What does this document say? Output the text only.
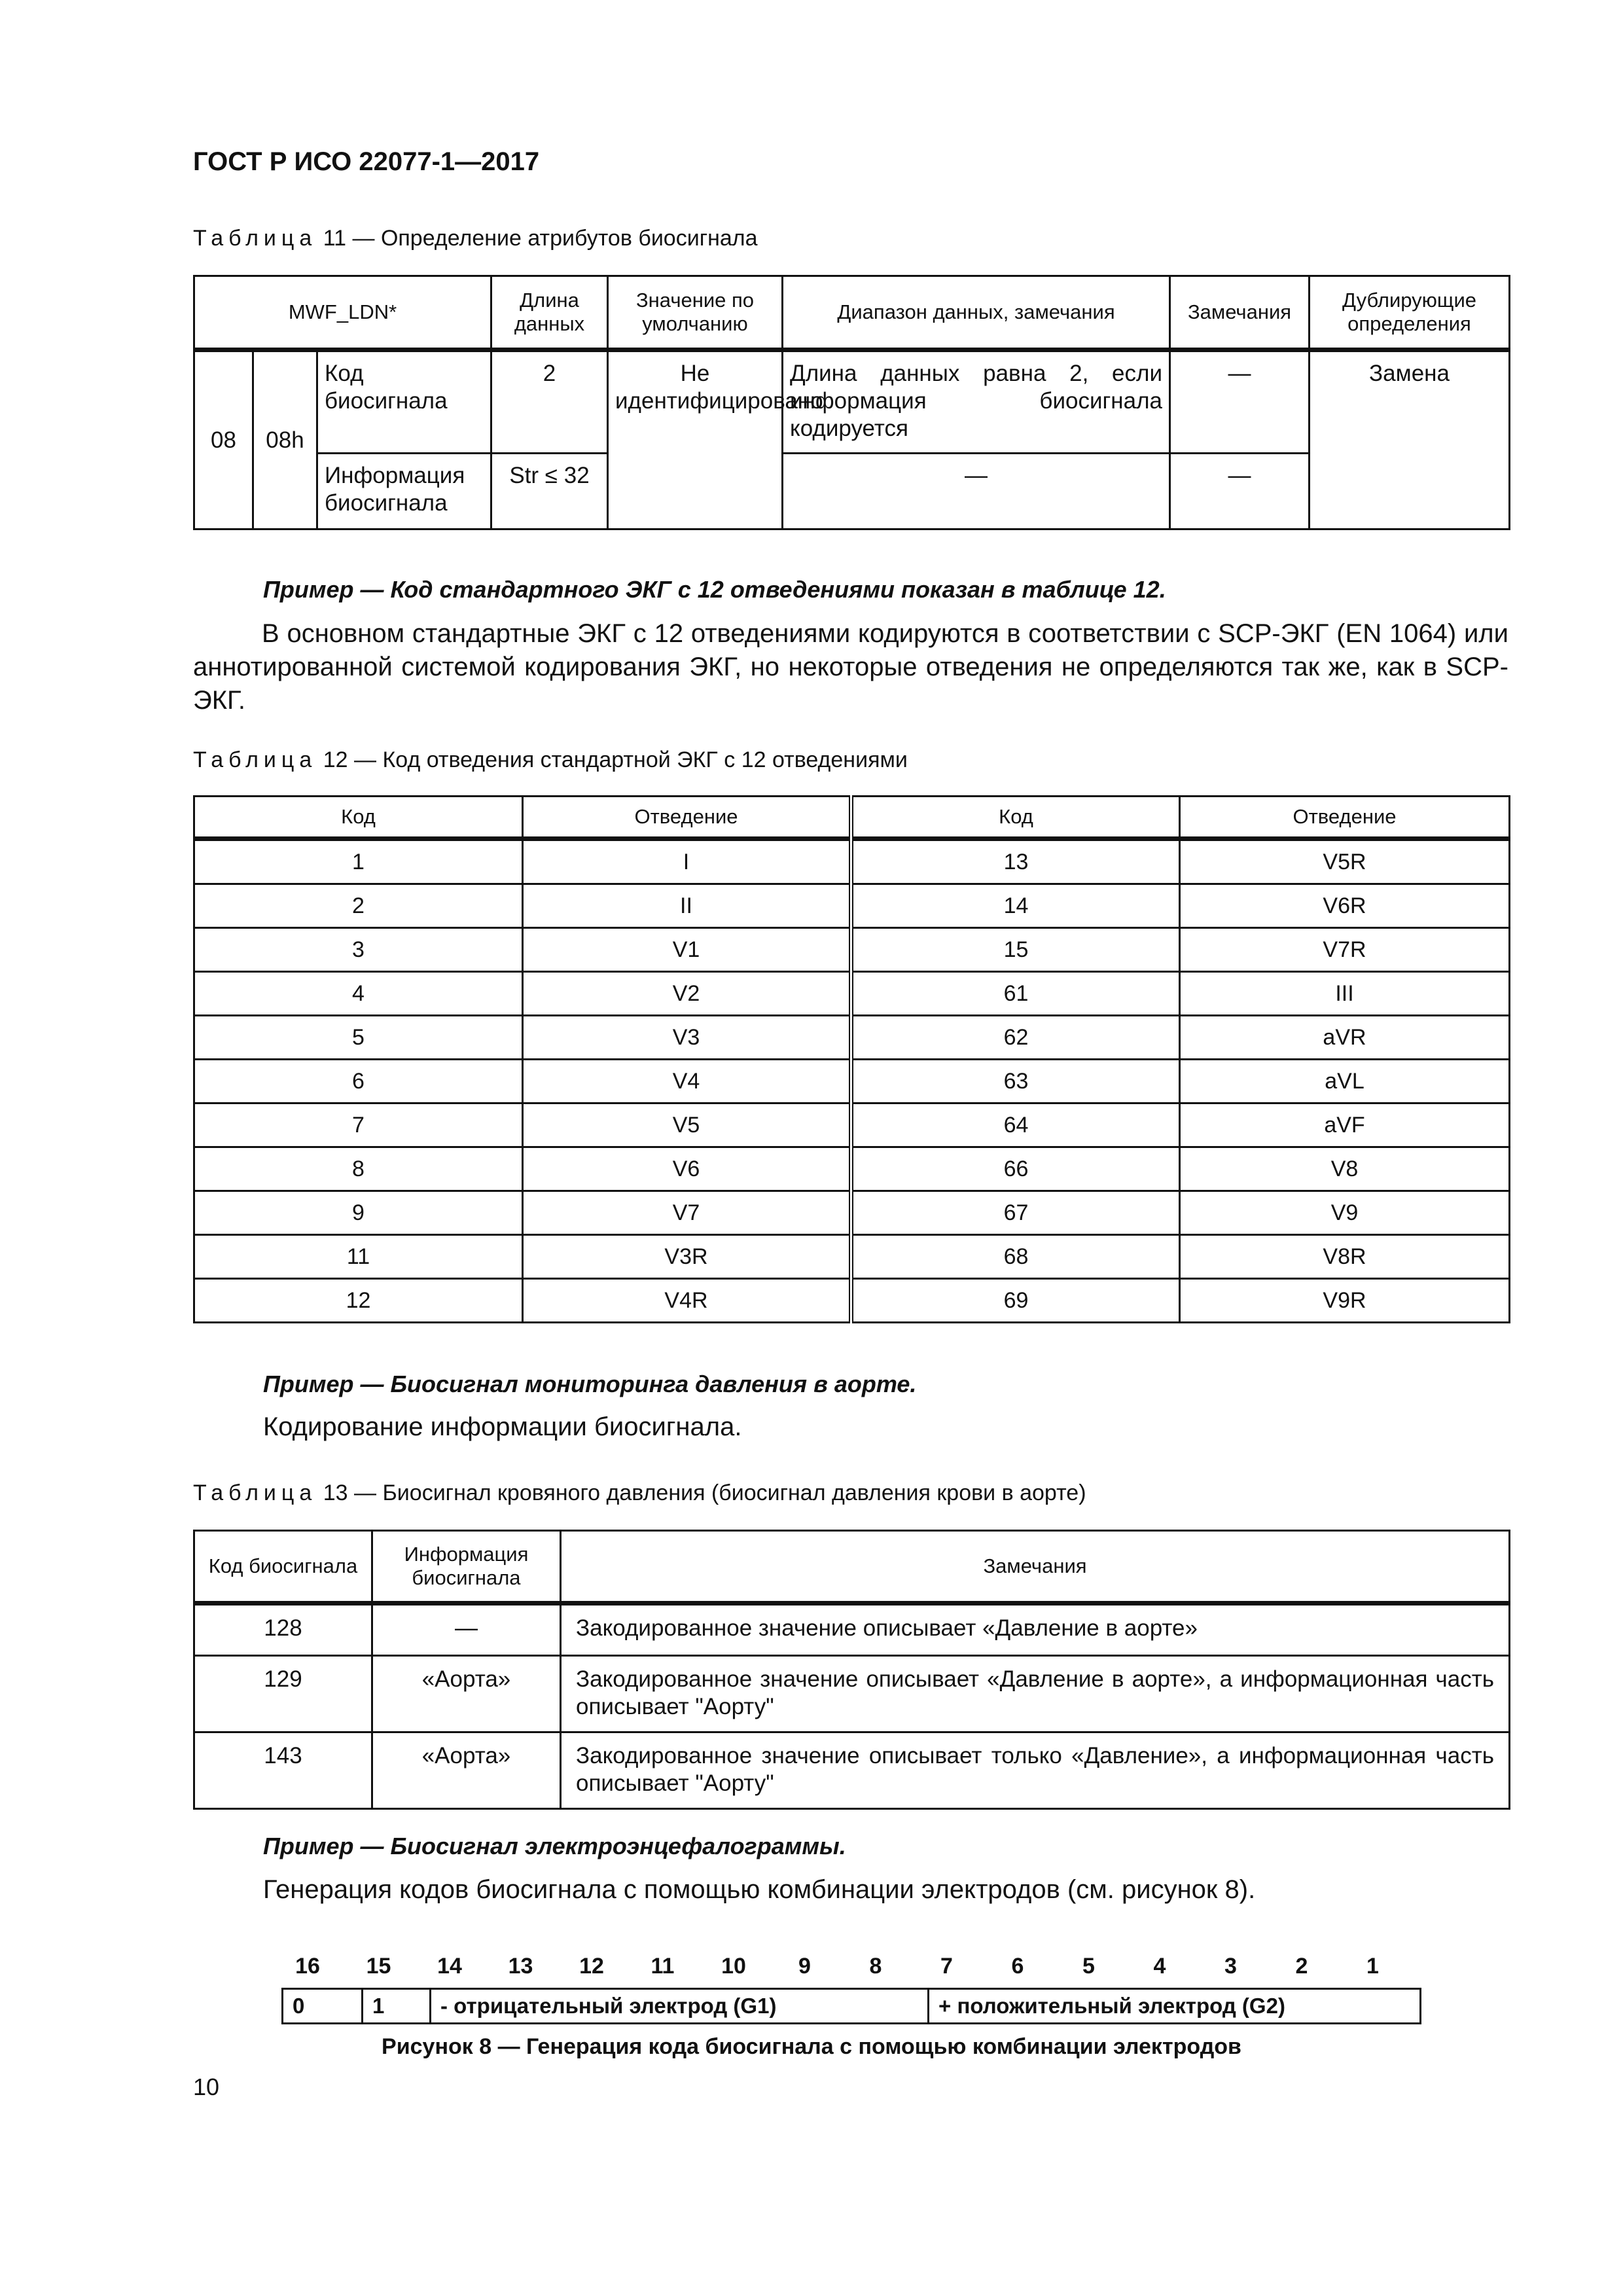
ГОСТ Р ИСО 22077-1—2017
Таблица 11 — Определение атрибутов биосигнала
MWF_LDN*			Длина данных	Значение по умолчанию	Диапазон данных, замечания	Замечания	Дублирующие определения
08	08h	Код биосигнала	2	Не идентифицировано	Длина данных равна 2, если информация биосигнала кодируется	—	Замена
		Информация биосигнала	Str ≤ 32		—	—	
Пример — Код стандартного ЭКГ с 12 отведениями показан в таблице 12.
В основном стандартные ЭКГ с 12 отведениями кодируются в соответствии с SCP-ЭКГ (EN 1064) или аннотированной системой кодирования ЭКГ, но некоторые отведения не определяются так же, как в SCP-ЭКГ.
Таблица 12 — Код отведения стандартной ЭКГ с 12 отведениями
Код	Отведение	Код	Отведение
1	I	13	V5R
2	II	14	V6R
3	V1	15	V7R
4	V2	61	III
5	V3	62	aVR
6	V4	63	aVL
7	V5	64	aVF
8	V6	66	V8
9	V7	67	V9
11	V3R	68	V8R
12	V4R	69	V9R
Пример — Биосигнал мониторинга давления в аорте.
Кодирование информации биосигнала.
Таблица 13 — Биосигнал кровяного давления (биосигнал давления крови в аорте)
Код биосигнала	Информация биосигнала	Замечания
128	—	Закодированное значение описывает «Давление в аорте»
129	«Аорта»	Закодированное значение описывает «Давление в аорте», а информационная часть описывает "Аорту"
143	«Аорта»	Закодированное значение описывает только «Давление», а информационная часть описывает "Аорту"
Пример — Биосигнал электроэнцефалограммы.
Генерация кодов биосигнала с помощью комбинации электродов (см. рисунок 8).
16	15	14	13	12	11	10	9	8	7	6	5	4	3	2	1
0	1	- отрицательный электрод (G1)	+ положительный электрод (G2)
Рисунок 8 — Генерация кода биосигнала с помощью комбинации электродов
10
